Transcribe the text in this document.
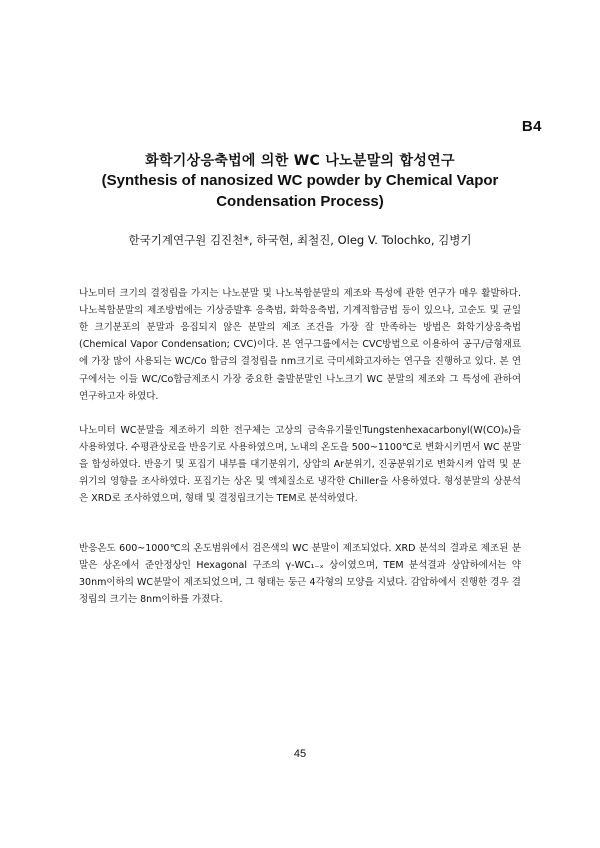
B4
화학기상응축법에 의한 WC 나노분말의 합성연구
(Synthesis of nanosized WC powder by Chemical Vapor
Condensation Process)
한국기계연구원 김진천*, 하국현, 최철진, Oleg V. Tolochko, 김병기

나노미터 크기의 결정립을 가지는 나노분말 및 나노복합분말의 제조와 특성에 관한 연구가 매우 활발하다. 나노복합분말의 제조방법에는 기상증발후 응축법, 화학응축법, 기계적합금법 등이 있으나, 고순도 및 균일한 크기분포의 분말과 응집되지 않은 분말의 제조 조건을 가장 잘 만족하는 방법은 화학기상응축법(Chemical Vapor Condensation; CVC)이다. 본 연구그룹에서는 CVC방법으로 이용하여 공구/금형재료에 가장 많이 사용되는 WC/Co 합금의 결정립을 nm크기로 극미세화고자하는 연구을 진행하고 있다. 본 연구에서는 이들 WC/Co합금제조시 가장 중요한 출발분말인 나노크기 WC 분말의 제조와 그 특성에 관하여 연구하고자 하였다.

나노미터 WC분말을 제조하기 의한 전구체는 고상의 금속유기물인Tungstenhexacarbonyl(W(CO)₆)을 사용하였다. 수평관상로을 반응기로 사용하였으며, 노내의 온도을 500~1100℃로 변화시키면서 WC 분말을 합성하였다. 반응기 및 포집기 내부를 대기분위기, 상압의 Ar분위기, 진공분위기로 변화시켜 압력 및 분위기의 영향을 조사하였다. 포집기는 상온 및 액체질소로 냉각한 Chiller을 사용하였다. 형성분말의 상분석은 XRD로 조사하였으며, 형태 및 결정립크기는 TEM로 분석하였다.

반응온도 600~1000℃의 온도범위에서 검은색의 WC 분말이 제조되었다. XRD 분석의 결과로 제조된 분말은 상온에서 준안정상인 Hexagonal 구조의 γ-WC₁₋ₓ 상이였으며, TEM 분석결과 상압하에서는 약 30nm이하의 WC분말이 제조되었으며, 그 형태는 둥근 4각형의 모양을 지녔다. 감압하에서 진행한 경우 결정립의 크기는 8nm이하를 가졌다.

45
